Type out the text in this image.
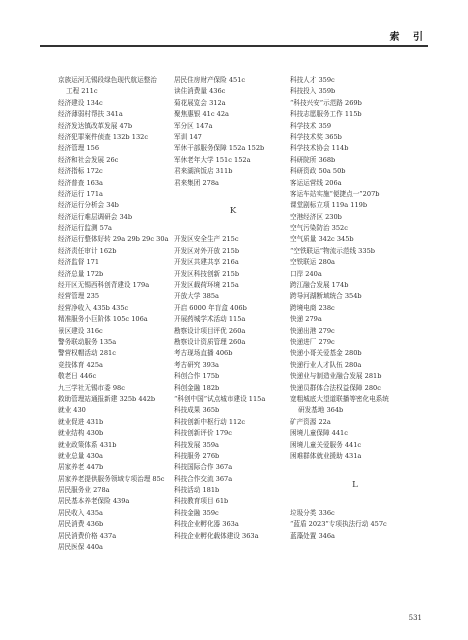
索 引
京族运河无锡段绿色现代航运整治
工程 211c
经济建设 134c
经济薄弱村帮扶 341a
经济发达镇改革发展 47b
经济犯罪案件侦查 132b 132c
经济管理 156
经济和社会发展 26c
经济指标 172c
经济普查 163a
经济运行 171a
经济运行分析会 34b
经济运行难层调研会 34b
经济运行监测 57a
经济运行整体好转 29a 29b 29c 30a
经济责任审计 162b
经济监督 171
经济总量 172b
经开区无锡西科创背建设 179a
经营管理 235
经营净收入 435b 435c
精准服务小巨阶体 105c 106a
景区建设 316c
警务联动服务 135a
警营权帽活动 281c
竞技体育 425a
敬老日 446c
九三学社无锡市委 98c
救助管理站通报新建 325b 442b
就业 430
就业促进 431b
就业结构 430b
就业政策体系 431b
就业总量 430a
居家养老 447b
居家养老提供服务领域专项治理 85c
居民服务业 278a
居民基本养老保险 439a
居民收入 435a
居民消费 436b
居民消费价格 437a
居民医保 440a
居民住房财产保险 451c
读住消费量 436c
菊花展览会 312a
聚焦惠银 41c 42a
军分区 147a
军训 147
军休干部服务保障 152a 152b
军休老年大学 151c 152a
君来湖滨饭店 311b
君来集团 278a
K
开发区安全生产 215c
开发区对外开放 215b
开发区共建共享 216a
开发区科技创新 215b
开发区载荷环境 215a
开放大学 385a
开启 6000 年盲盒 406b
开展药城学术活动 115a
勘察设计项目评优 260a
勘察设计资质管理 260a
考古现场直播 406b
考古研究 393a
科创合作 175b
科创金融 182b
“科创中国”试点城市建设 115a
科技成果 365b
科技创新中枢行动 112c
科技创新评价 179c
科技发展 359a
科技服务 276b
科技国际合作 367a
科技合作交流 367a
科技活动 181b
科技教育项目 61b
科技金融 359c
科技企业孵化器 363a
科技企业孵化载体建设 363a
科技人才 359c
科技投入 359b
“科技兴安”示范路 269b
科技志愿服务工作 115b
科学技术 359
科学技术奖 365b
科学技术协会 114b
科研院所 368b
科研资政 50a 50b
客运运营线 206a
客运车站实施“便捷点一”207b
课堂剧标立项 119a 119b
空港经济区 230b
空气污染防治 352c
空气质量 342c 345b
“空铁联运”物流示范线 335b
空铁联运 280a
口岸 240a
跨江融合发展 174b
跨导河湖断域统合 354b
跨境电商 238c
快递 279a
快递出港 279c
快递进厂 279c
快递小哥关爱基金 280b
快递行业人才队伍 280a
快递业与制造业融合发展 281b
快递员群体合法权益保障 280c
宽粗城底大望道联播等密化电系统
研发基地 364b
矿产资源 22a
困境儿童保障 441c
困境儿童关爱服务 441c
困难群体就业援助 431a
L
垃圾分类 336c
“蓝盾 2023”专项执法行动 457c
蓝藻处置 346a
531
